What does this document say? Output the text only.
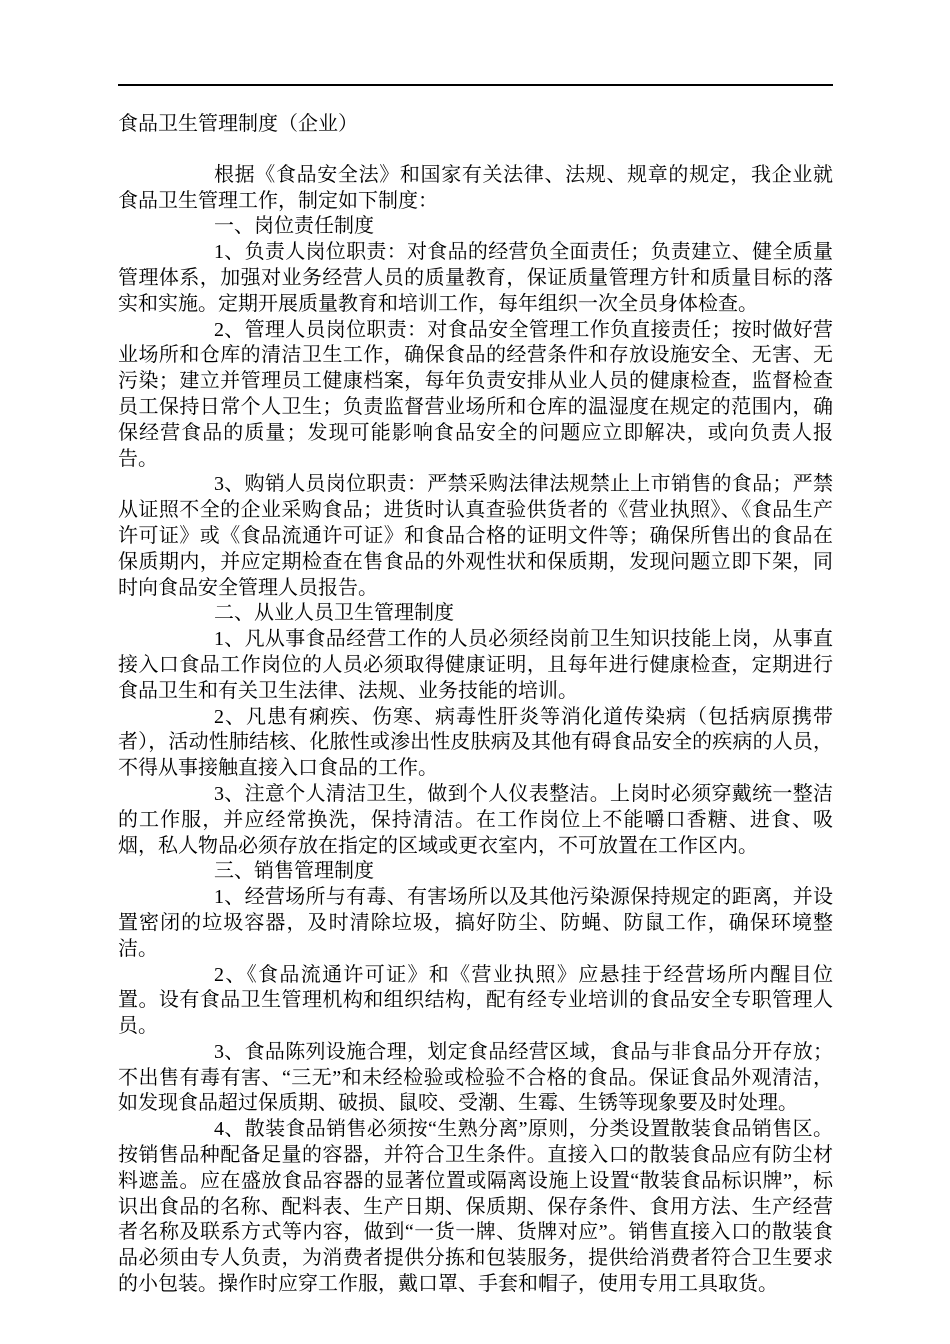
食品卫生管理制度（企业）

根据《食品安全法》和国家有关法律、法规、规章的规定，我企业就食品卫生管理工作，制定如下制度：

一、岗位责任制度

1、负责人岗位职责：对食品的经营负全面责任；负责建立、健全质量管理体系，加强对业务经营人员的质量教育，保证质量管理方针和质量目标的落实和实施。定期开展质量教育和培训工作，每年组织一次全员身体检查。

2、管理人员岗位职责：对食品安全管理工作负直接责任；按时做好营业场所和仓库的清洁卫生工作，确保食品的经营条件和存放设施安全、无害、无污染；建立并管理员工健康档案，每年负责安排从业人员的健康检查，监督检查员工保持日常个人卫生；负责监督营业场所和仓库的温湿度在规定的范围内，确保经营食品的质量；发现可能影响食品安全的问题应立即解决，或向负责人报告。

3、购销人员岗位职责：严禁采购法律法规禁止上市销售的食品；严禁从证照不全的企业采购食品；进货时认真查验供货者的《营业执照》、《食品生产许可证》或《食品流通许可证》和食品合格的证明文件等；确保所售出的食品在保质期内，并应定期检查在售食品的外观性状和保质期，发现问题立即下架，同时向食品安全管理人员报告。

二、从业人员卫生管理制度

1、凡从事食品经营工作的人员必须经岗前卫生知识技能上岗，从事直接入口食品工作岗位的人员必须取得健康证明，且每年进行健康检查，定期进行食品卫生和有关卫生法律、法规、业务技能的培训。

2、凡患有痢疾、伤寒、病毒性肝炎等消化道传染病（包括病原携带者），活动性肺结核、化脓性或渗出性皮肤病及其他有碍食品安全的疾病的人员，不得从事接触直接入口食品的工作。

3、注意个人清洁卫生，做到个人仪表整洁。上岗时必须穿戴统一整洁的工作服，并应经常换洗，保持清洁。在工作岗位上不能嚼口香糖、进食、吸烟，私人物品必须存放在指定的区域或更衣室内，不可放置在工作区内。

三、销售管理制度

1、经营场所与有毒、有害场所以及其他污染源保持规定的距离，并设置密闭的垃圾容器，及时清除垃圾，搞好防尘、防蝇、防鼠工作，确保环境整洁。

2、《食品流通许可证》和《营业执照》应悬挂于经营场所内醒目位置。设有食品卫生管理机构和组织结构，配有经专业培训的食品安全专职管理人员。

3、食品陈列设施合理，划定食品经营区域，食品与非食品分开存放；不出售有毒有害、“三无”和未经检验或检验不合格的食品。保证食品外观清洁，如发现食品超过保质期、破损、鼠咬、受潮、生霉、生锈等现象要及时处理。

4、散装食品销售必须按“生熟分离”原则，分类设置散装食品销售区。按销售品种配备足量的容器，并符合卫生条件。直接入口的散装食品应有防尘材料遮盖。应在盛放食品容器的显著位置或隔离设施上设置“散装食品标识牌”，标识出食品的名称、配料表、生产日期、保质期、保存条件、食用方法、生产经营者名称及联系方式等内容，做到“一货一牌、货牌对应”。销售直接入口的散装食品必须由专人负责，为消费者提供分拣和包装服务，提供给消费者符合卫生要求的小包装。操作时应穿工作服，戴口罩、手套和帽子，使用专用工具取货。
